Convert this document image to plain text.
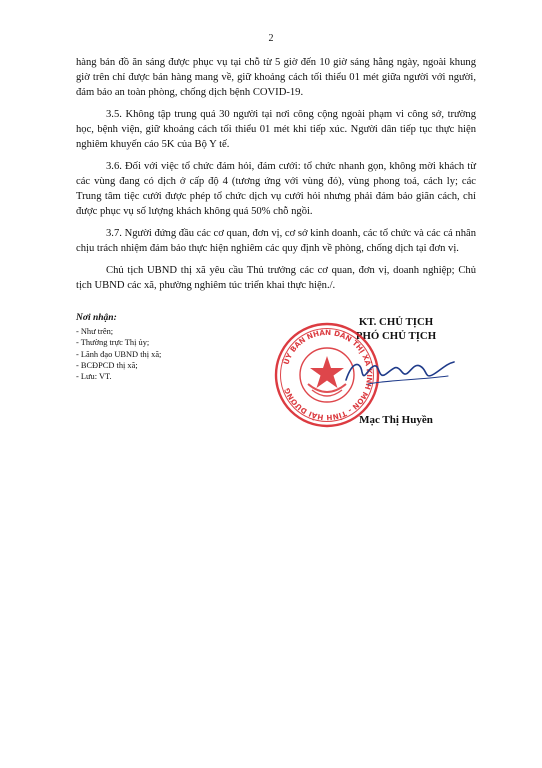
2

hàng bán đồ ăn sáng được phục vụ tại chỗ từ 5 giờ đến 10 giờ sáng hằng ngày, ngoài khung giờ trên chỉ được bán hàng mang về, giữ khoảng cách tối thiểu 01 mét giữa người với người, đảm bảo an toàn phòng, chống dịch bệnh COVID-19.

3.5. Không tập trung quá 30 người tại nơi công cộng ngoài phạm vi công sở, trường học, bệnh viện, giữ khoảng cách tối thiểu 01 mét khi tiếp xúc. Người dân tiếp tục thực hiện nghiêm khuyến cáo 5K của Bộ Y tế.

3.6. Đối với việc tổ chức đám hỏi, đám cưới: tổ chức nhanh gọn, không mời khách từ các vùng đang có dịch ở cấp độ 4 (tương ứng với vùng đỏ), vùng phong toả, cách ly; các Trung tâm tiệc cưới được phép tổ chức dịch vụ cưới hỏi nhưng phải đảm bảo giãn cách, chỉ được phục vụ số lượng khách không quá 50% chỗ ngồi.

3.7. Người đứng đầu các cơ quan, đơn vị, cơ sở kinh doanh, các tổ chức và các cá nhân chịu trách nhiệm đảm bảo thực hiện nghiêm các quy định về phòng, chống dịch tại đơn vị.

Chủ tịch UBND thị xã yêu cầu Thủ trưởng các cơ quan, đơn vị, doanh nghiệp; Chủ tịch UBND các xã, phường nghiêm túc triển khai thực hiện./.

Nơi nhận:
- Như trên;
- Thường trực Thị ủy;
- Lãnh đạo UBND thị xã;
- BCĐPCD thị xã;
- Lưu: VT.
KT. CHỦ TỊCH
PHÓ CHỦ TỊCH
ỦY BAN NHÂN DÂN THỊ XÃ KINH MÔN - TỈNH HẢI DƯƠNG
Mạc Thị Huyền
